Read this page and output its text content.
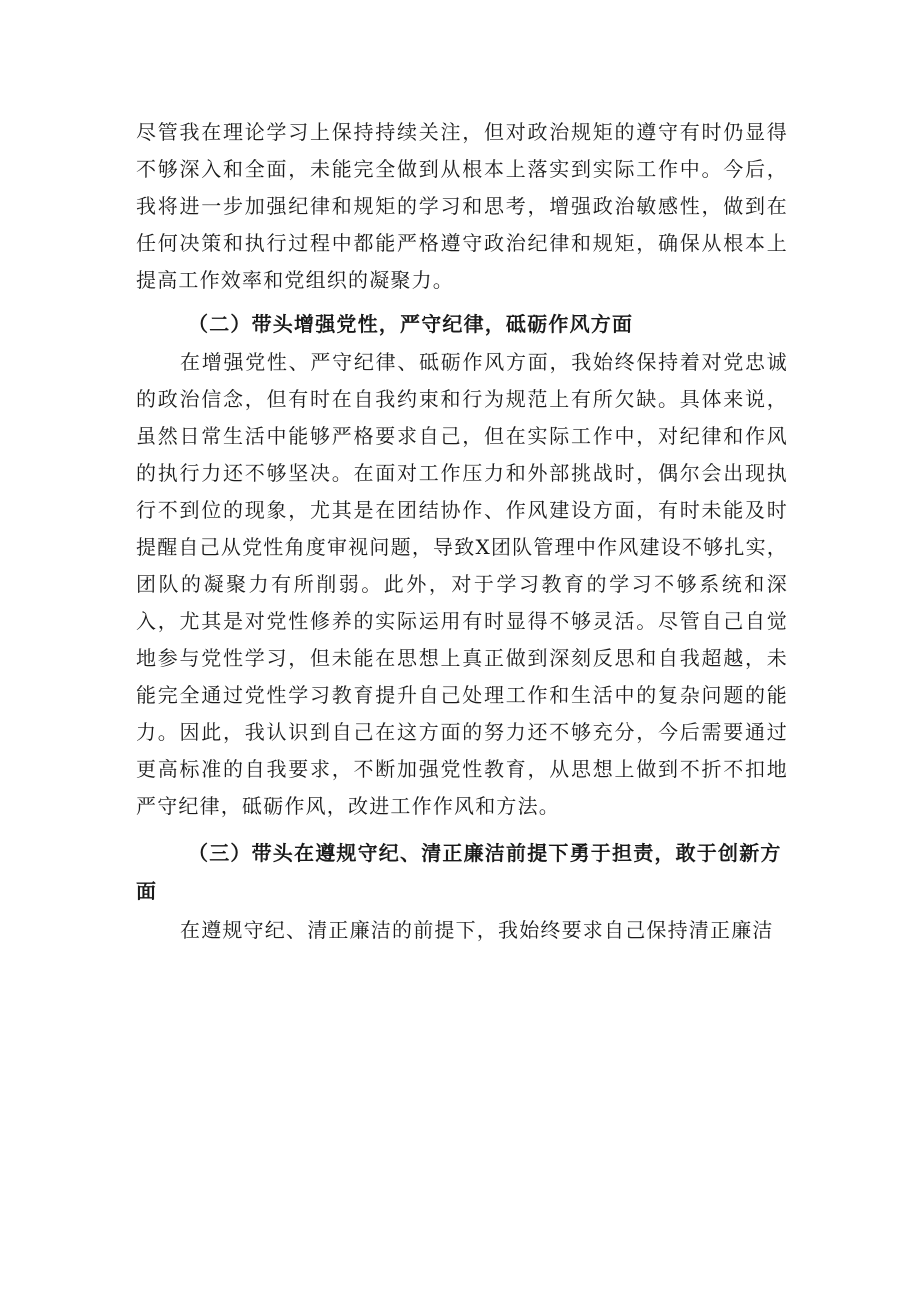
尽管我在理论学习上保持持续关注，但对政治规矩的遵守有时仍显得不够深入和全面，未能完全做到从根本上落实到实际工作中。今后，我将进一步加强纪律和规矩的学习和思考，增强政治敏感性，做到在任何决策和执行过程中都能严格遵守政治纪律和规矩，确保从根本上提高工作效率和党组织的凝聚力。

（二）带头增强党性，严守纪律，砥砺作风方面

在增强党性、严守纪律、砥砺作风方面，我始终保持着对党忠诚的政治信念，但有时在自我约束和行为规范上有所欠缺。具体来说，虽然日常生活中能够严格要求自己，但在实际工作中，对纪律和作风的执行力还不够坚决。在面对工作压力和外部挑战时，偶尔会出现执行不到位的现象，尤其是在团结协作、作风建设方面，有时未能及时提醒自己从党性角度审视问题，导致X团队管理中作风建设不够扎实，团队的凝聚力有所削弱。此外，对于学习教育的学习不够系统和深入，尤其是对党性修养的实际运用有时显得不够灵活。尽管自己自觉地参与党性学习，但未能在思想上真正做到深刻反思和自我超越，未能完全通过党性学习教育提升自己处理工作和生活中的复杂问题的能力。因此，我认识到自己在这方面的努力还不够充分，今后需要通过更高标准的自我要求，不断加强党性教育，从思想上做到不折不扣地严守纪律，砥砺作风，改进工作作风和方法。

（三）带头在遵规守纪、清正廉洁前提下勇于担责，敢于创新方面

在遵规守纪、清正廉洁的前提下，我始终要求自己保持清正廉洁
